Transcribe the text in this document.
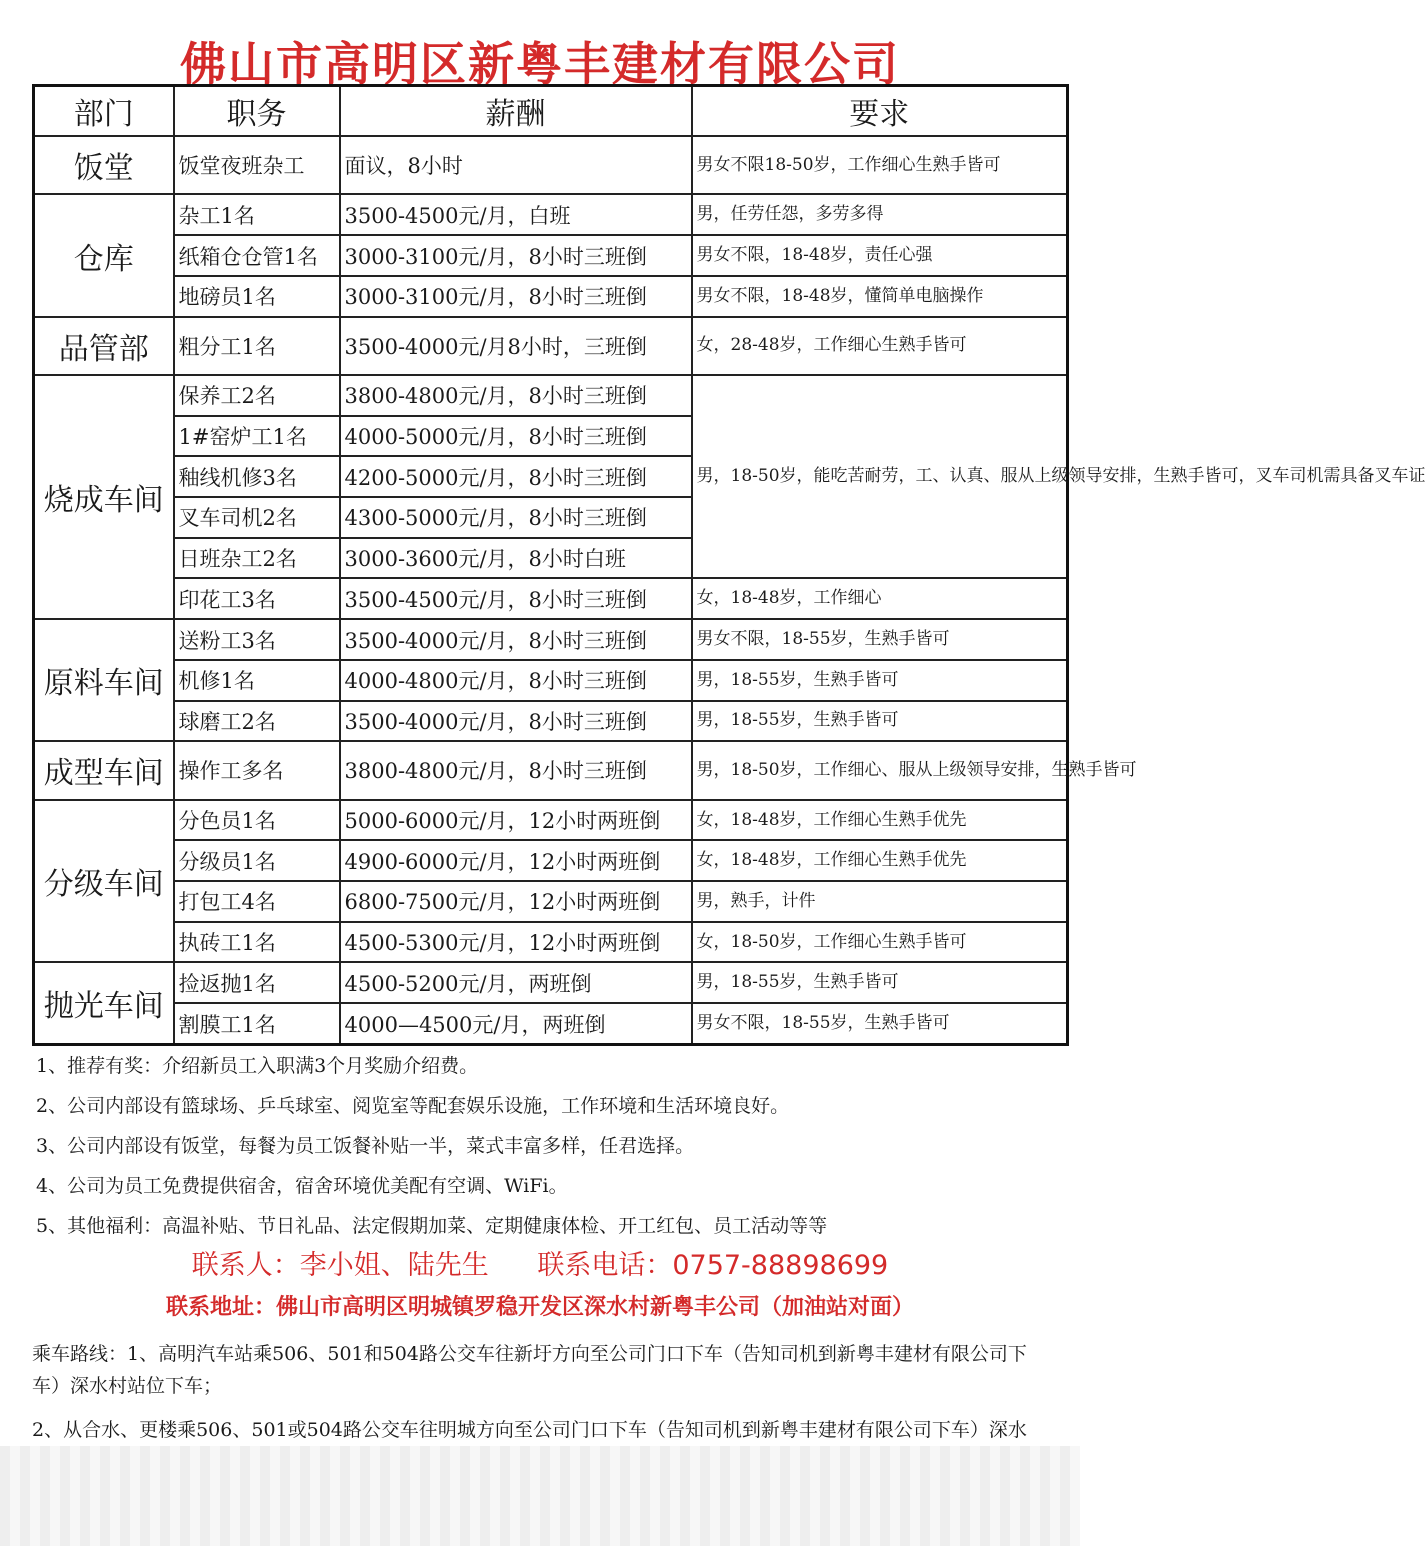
佛山市高明区新粤丰建材有限公司
部门	职务	薪酬	要求
饭堂	饭堂夜班杂工	面议，8小时	男女不限18-50岁，工作细心生熟手皆可
仓库	杂工1名	3500-4500元/月，白班	男，任劳任怨，多劳多得
	纸箱仓仓管1名	3000-3100元/月，8小时三班倒	男女不限，18-48岁，责任心强
	地磅员1名	3000-3100元/月，8小时三班倒	男女不限，18-48岁，懂简单电脑操作
品管部	粗分工1名	3500-4000元/月8小时，三班倒	女，28-48岁，工作细心生熟手皆可
烧成车间	保养工2名	3800-4800元/月，8小时三班倒	男，18-50岁，能吃苦耐劳，工、认真、服从上级领导安排，生熟手皆可，叉车司机需具备叉车证
	1#窑炉工1名	4000-5000元/月，8小时三班倒	
	釉线机修3名	4200-5000元/月，8小时三班倒	
	叉车司机2名	4300-5000元/月，8小时三班倒	
	日班杂工2名	3000-3600元/月，8小时白班	
	印花工3名	3500-4500元/月，8小时三班倒	女，18-48岁，工作细心
原料车间	送粉工3名	3500-4000元/月，8小时三班倒	男女不限，18-55岁，生熟手皆可
	机修1名	4000-4800元/月，8小时三班倒	男，18-55岁，生熟手皆可
	球磨工2名	3500-4000元/月，8小时三班倒	男，18-55岁，生熟手皆可
成型车间	操作工多名	3800-4800元/月，8小时三班倒	男，18-50岁，工作细心、服从上级领导安排，生熟手皆可
分级车间	分色员1名	5000-6000元/月，12小时两班倒	女，18-48岁，工作细心生熟手优先
	分级员1名	4900-6000元/月，12小时两班倒	女，18-48岁，工作细心生熟手优先
	打包工4名	6800-7500元/月，12小时两班倒	男，熟手，计件
	执砖工1名	4500-5300元/月，12小时两班倒	女，18-50岁，工作细心生熟手皆可
抛光车间	捡返抛1名	4500-5200元/月，两班倒	男，18-55岁，生熟手皆可
	割膜工1名	4000—4500元/月，两班倒	男女不限，18-55岁，生熟手皆可
1、推荐有奖：介绍新员工入职满3个月奖励介绍费。
2、公司内部设有篮球场、乒乓球室、阅览室等配套娱乐设施，工作环境和生活环境良好。
3、公司内部设有饭堂，每餐为员工饭餐补贴一半，菜式丰富多样，任君选择。
4、公司为员工免费提供宿舍，宿舍环境优美配有空调、WiFi。
5、其他福利：高温补贴、节日礼品、法定假期加菜、定期健康体检、开工红包、员工活动等等
联系人：李小姐、陆先生 联系电话：0757-88898699
联系地址：佛山市高明区明城镇罗稳开发区深水村新粤丰公司（加油站对面）
乘车路线：1、高明汽车站乘506、501和504路公交车往新圩方向至公司门口下车（告知司机到新粤丰建材有限公司下车）深水村站位下车；
2、从合水、更楼乘506、501或504路公交车往明城方向至公司门口下车（告知司机到新粤丰建材有限公司下车）深水
